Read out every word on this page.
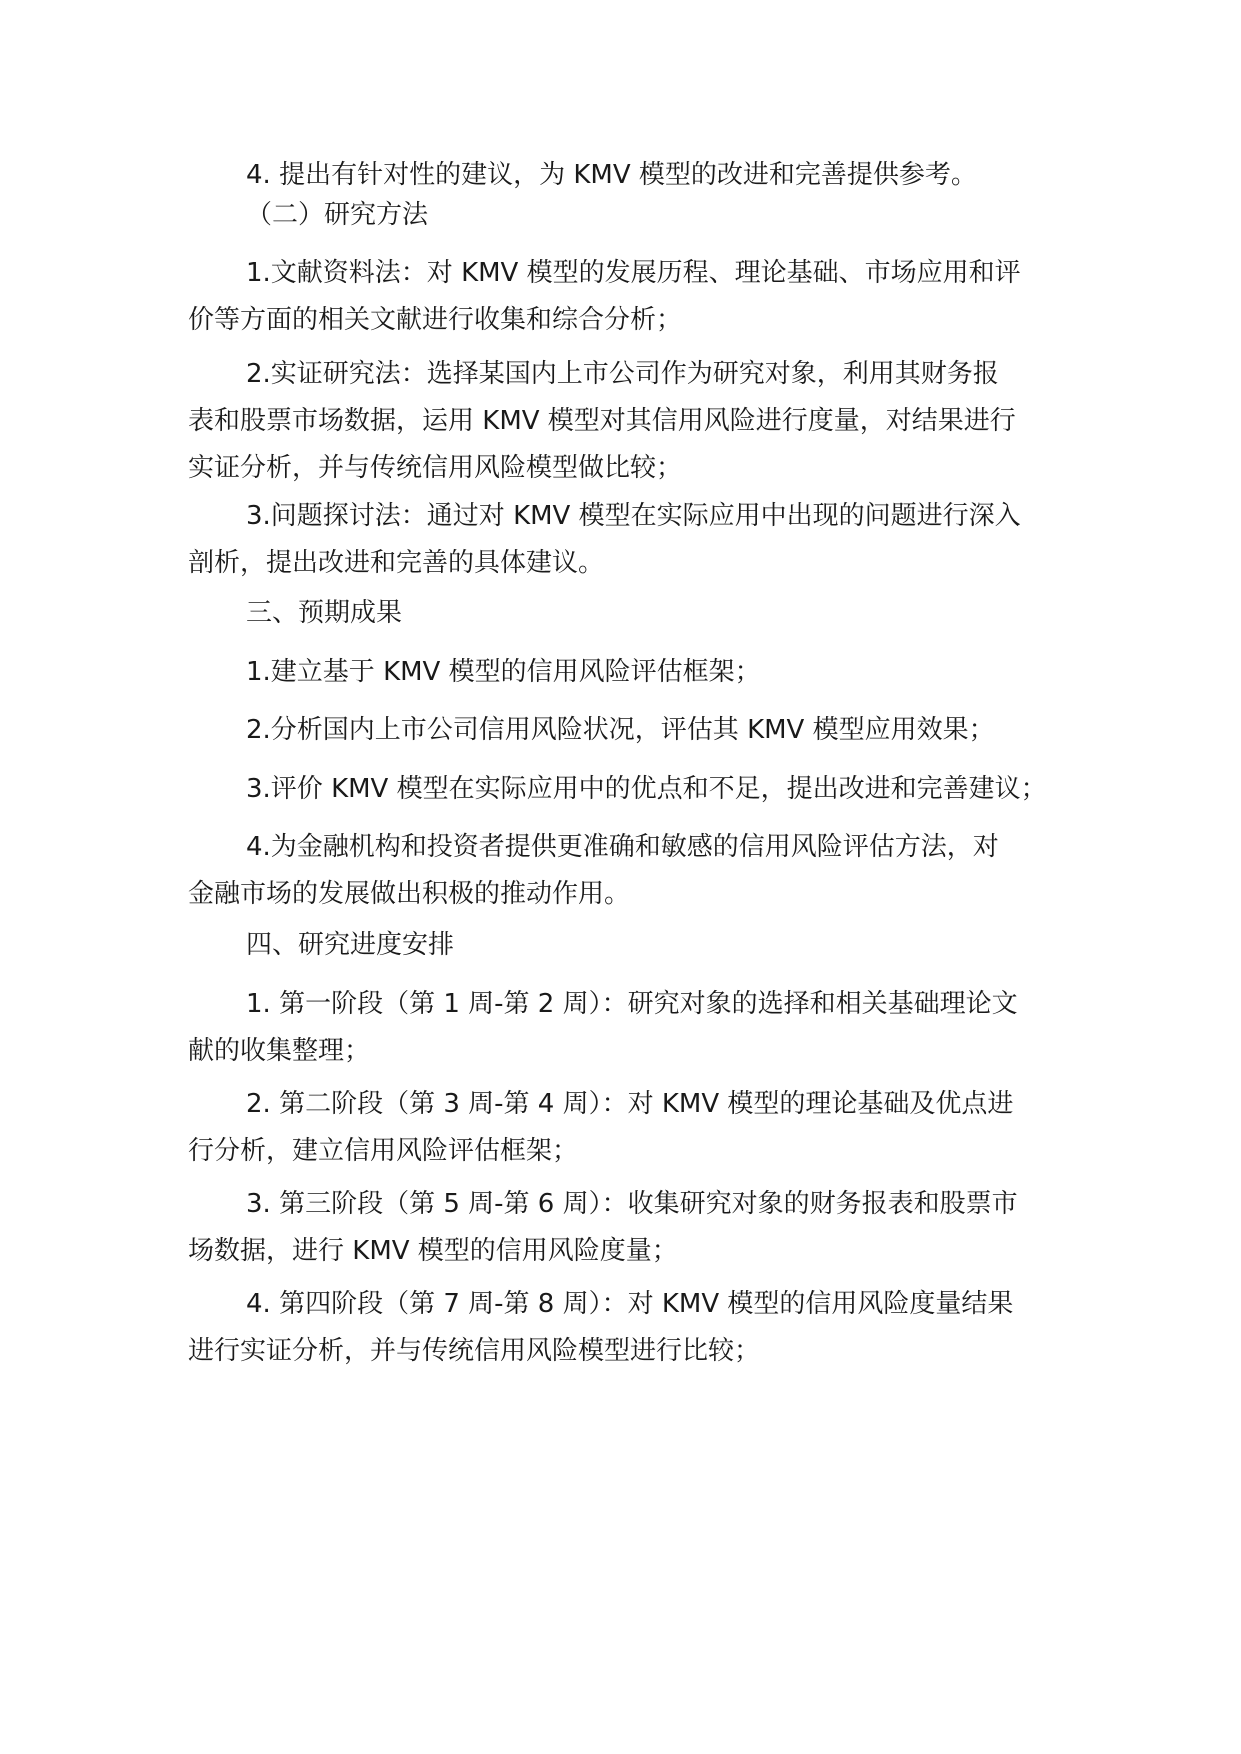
4. 提出有针对性的建议，为 KMV 模型的改进和完善提供参考。

（二）研究方法

1.文献资料法：对 KMV 模型的发展历程、理论基础、市场应用和评
价等方面的相关文献进行收集和综合分析；

2.实证研究法：选择某国内上市公司作为研究对象，利用其财务报
表和股票市场数据，运用 KMV 模型对其信用风险进行度量，对结果进行
实证分析，并与传统信用风险模型做比较；

3.问题探讨法：通过对 KMV 模型在实际应用中出现的问题进行深入
剖析，提出改进和完善的具体建议。

三、预期成果

1.建立基于 KMV 模型的信用风险评估框架；

2.分析国内上市公司信用风险状况，评估其 KMV 模型应用效果；

3.评价 KMV 模型在实际应用中的优点和不足，提出改进和完善建议；

4.为金融机构和投资者提供更准确和敏感的信用风险评估方法，对
金融市场的发展做出积极的推动作用。

四、研究进度安排

1. 第一阶段（第 1 周-第 2 周）：研究对象的选择和相关基础理论文
献的收集整理；

2. 第二阶段（第 3 周-第 4 周）：对 KMV 模型的理论基础及优点进
行分析，建立信用风险评估框架；

3. 第三阶段（第 5 周-第 6 周）：收集研究对象的财务报表和股票市
场数据，进行 KMV 模型的信用风险度量；

4. 第四阶段（第 7 周-第 8 周）：对 KMV 模型的信用风险度量结果
进行实证分析，并与传统信用风险模型进行比较；
